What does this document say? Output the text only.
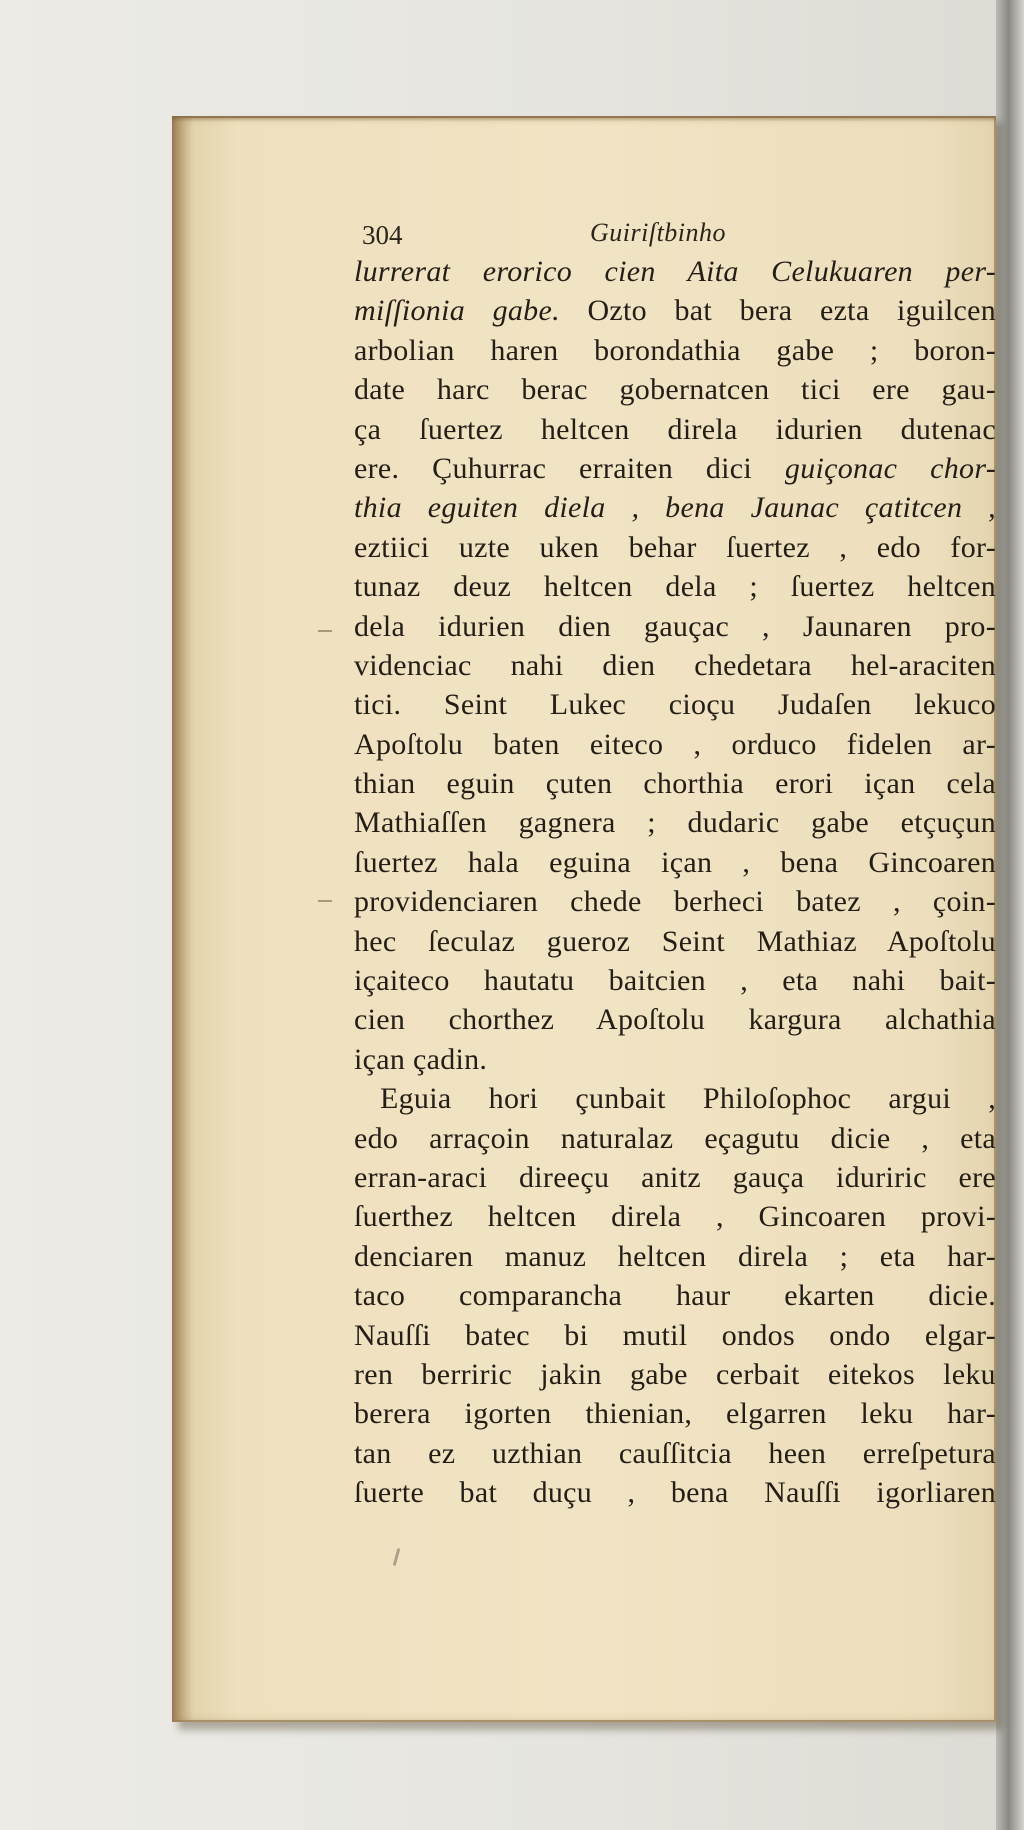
304	Guiriſtbinho
lurrerat erorico cien Aita Celukuaren per-
miſſionia gabe. Ozto bat bera ezta iguilcen
arbolian haren borondathia gabe ; boron-
date harc berac gobernatcen tici ere gau-
ça ſuertez heltcen direla idurien dutenac
ere. Çuhurrac erraiten dici guiçonac chor-
thia eguiten diela , bena Jaunac çatitcen ,
eztiici uzte uken behar ſuertez , edo for-
tunaz deuz heltcen dela ; ſuertez heltcen
dela idurien dien gauçac , Jaunaren pro-
videnciac nahi dien chedetara hel-araciten
tici. Seint Lukec cioçu Judaſen lekuco
Apoſtolu baten eiteco , orduco fidelen ar-
thian eguin çuten chorthia erori içan cela
Mathiaſſen gagnera ; dudaric gabe etçuçun
ſuertez hala eguina içan , bena Gincoaren
providenciaren chede berheci batez , çoin-
hec ſeculaz gueroz Seint Mathiaz Apoſtolu
içaiteco hautatu baitcien , eta nahi bait-
cien chorthez Apoſtolu kargura alchathia
içan çadin.
Eguia hori çunbait Philoſophoc argui ,
edo arraçoin naturalaz eçagutu dicie , eta
erran-araci direeçu anitz gauça iduriric ere
ſuerthez heltcen direla , Gincoaren provi-
denciaren manuz heltcen direla ; eta har-
taco comparancha haur ekarten dicie.
Nauſſi batec bi mutil ondos ondo elgar-
ren berriric jakin gabe cerbait eitekos leku
berera igorten thienian, elgarren leku har-
tan ez uzthian cauſſitcia heen erreſpetura
ſuerte bat duçu , bena Nauſſi igorliaren
